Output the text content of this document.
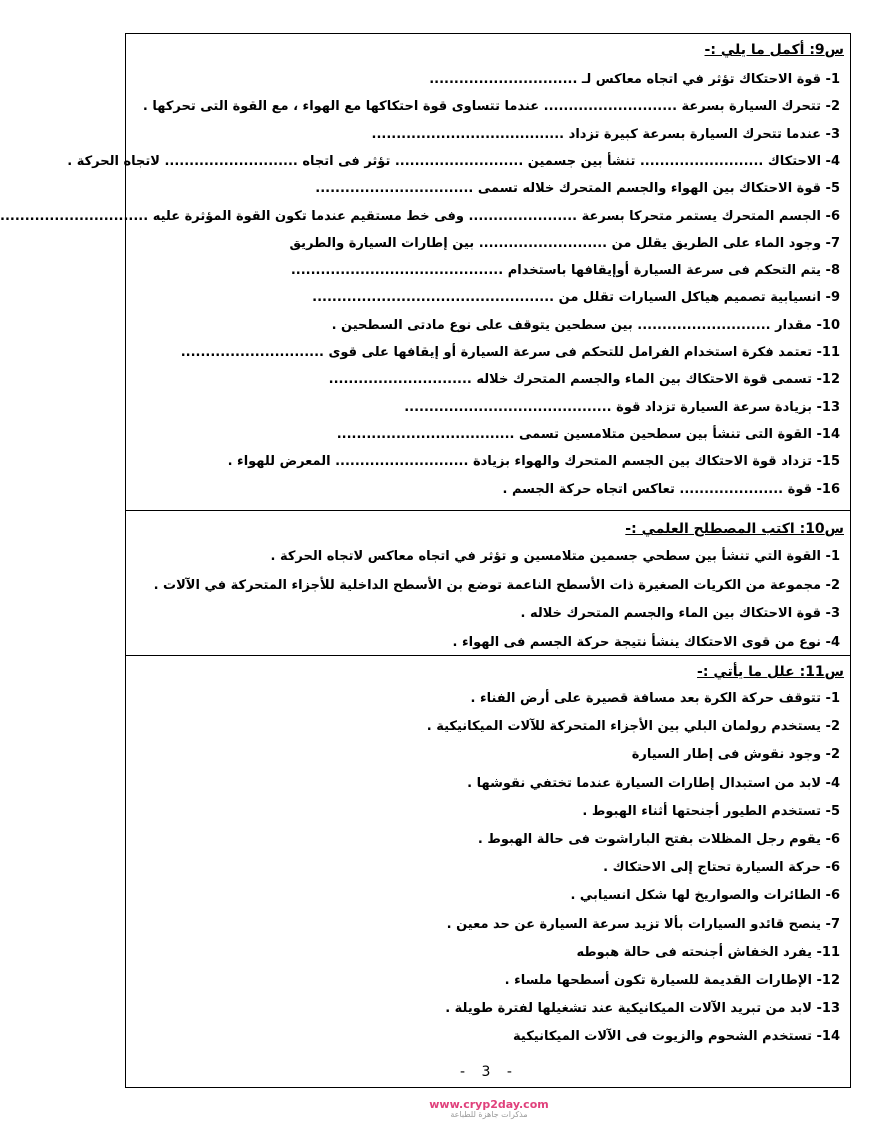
س9: أكمل ما يلي :-
1- قوة الاحتكاك تؤثر في اتجاه معاكس لـ ..............................
2- تتحرك السيارة بسرعة ........................... عندما تتساوى قوة احتكاكها مع الهواء ، مع القوة التى تحركها .
3- عندما تتحرك السيارة بسرعة كبيرة تزداد .......................................
4- الاحتكاك ......................... تنشأ بين جسمين .......................... تؤثر فى اتجاه ........................... لاتجاه الحركة .
5- قوة الاحتكاك بين الهواء والجسم المتحرك خلاله تسمى ................................
6- الجسم المتحرك يستمر متحركا بسرعة ...................... وفى خط مستقيم عندما تكون القوة المؤثرة عليه ..............................
7- وجود الماء على الطريق يقلل من .......................... بين إطارات السيارة والطريق
8- يتم التحكم فى سرعة السيارة أوإيقافها باستخدام ...........................................
9- انسيابية تصميم هياكل السيارات تقلل من .................................................
10- مقدار ........................... بين سطحين يتوقف على نوع مادتى السطحين .
11- تعتمد فكرة استخدام الفرامل للتحكم فى سرعة السيارة أو إيقافها على قوى .............................
12- تسمى قوة الاحتكاك بين الماء والجسم المتحرك خلاله .............................
13- بزيادة سرعة السيارة تزداد قوة ..........................................
14- القوة التى تنشأ بين سطحين متلامسين تسمى ....................................
15- تزداد قوة الاحتكاك بين الجسم المتحرك والهواء بزيادة ........................... المعرض للهواء .
16- قوة ..................... تعاكس اتجاه حركة الجسم .
س10: اكتب المصطلح العلمي :-
1- القوة التي تنشأ بين سطحي جسمين متلامسين و تؤثر في اتجاه معاكس لاتجاه الحركة .
2- مجموعة من الكريات الصغيرة ذات الأسطح الناعمة توضع بن الأسطح الداخلية للأجزاء المتحركة في الآلات .
3- قوة الاحتكاك بين الماء والجسم المتحرك خلاله .
4- نوع من قوى الاحتكاك ينشأ نتيجة حركة الجسم فى الهواء .
س11: علل ما يأتي :-
1- تتوقف حركة الكرة بعد مسافة قصيرة على أرض الفناء .
2- يستخدم رولمان البلي بين الأجزاء المتحركة للآلات الميكانيكية .
2- وجود نقوش فى إطار السيارة
4- لابد من استبدال إطارات السيارة عندما تختفي نقوشها .
5- تستخدم الطيور أجنحتها أثناء الهبوط .
6- يقوم رجل المظلات بفتح الباراشوت فى حالة الهبوط .
6- حركة السيارة تحتاج إلى الاحتكاك .
6- الطائرات والصواريخ لها شكل انسيابي .
7- ينصح قائدو السيارات بألا تزيد سرعة السيارة عن حد معين .
11- يفرد الخفاش أجنحته فى حالة هبوطه
12- الإطارات القديمة للسيارة تكون أسطحها ملساء .
13- لابد من تبريد الآلات الميكانيكية عند تشغيلها لفترة طويلة .
14- تستخدم الشحوم والزيوت فى الآلات الميكانيكية
- 3 -
www.cryp2day.com
مذكرات جاهزة للطباعة
